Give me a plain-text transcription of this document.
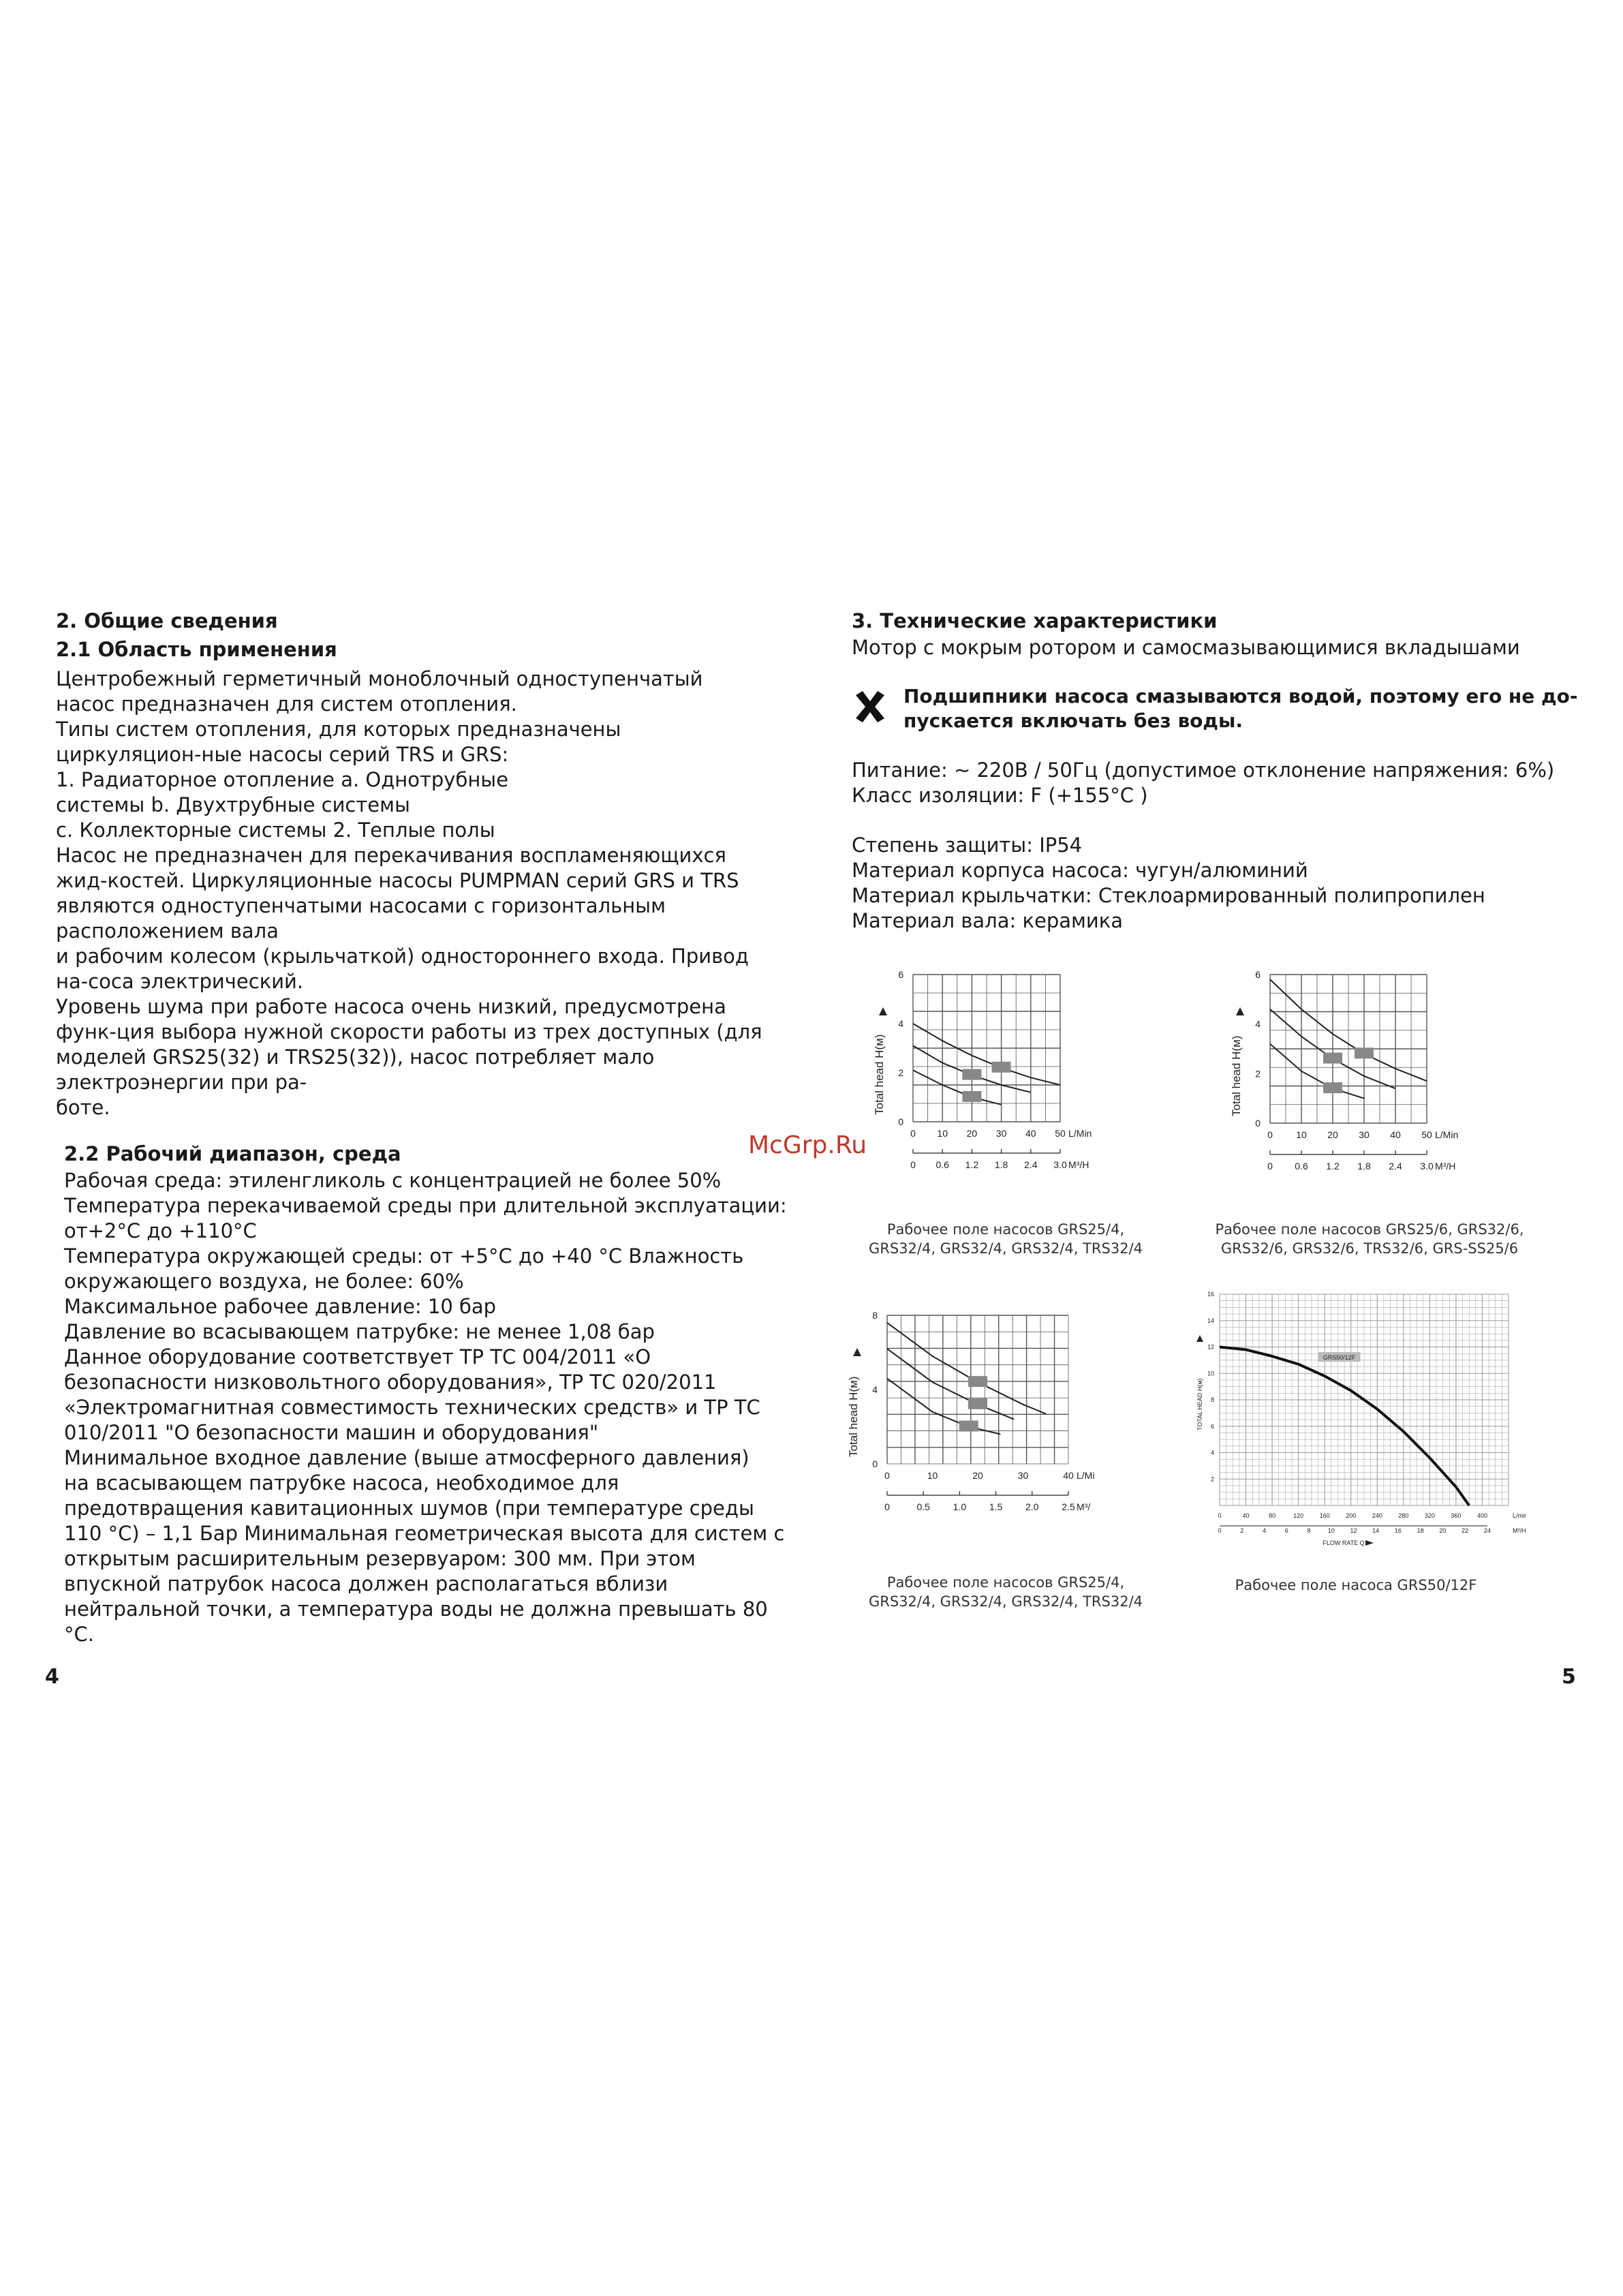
2. Общие сведения
2.1 Область применения
Центробежный герметичный моноблочный одноступенчатый
насос предназначен для систем отопления.
Типы систем отопления, для которых предназначены
циркуляцион-ные насосы серий TRS и GRS:
1. Радиаторное отопление a. Однотрубные
системы b. Двухтрубные системы
c. Коллекторные системы 2. Теплые полы
Насос не предназначен для перекачивания воспламеняющихся
жид-костей. Циркуляционные насосы PUMPMAN серий GRS и TRS
являются одноступенчатыми насосами с горизонтальным
расположением вала
и рабочим колесом (крыльчаткой) одностороннего входа. Привод
на-соса электрический.
Уровень шума при работе насоса очень низкий, предусмотрена
функ-ция выбора нужной скорости работы из трех доступных (для
моделей GRS25(32) и TRS25(32)), насос потребляет мало
электроэнергии при ра-
боте.
2.2 Рабочий диапазон, среда
Рабочая среда: этиленгликоль с концентрацией не более 50%
Температура перекачиваемой среды при длительной эксплуатации:
от+2°C до +110°C
Температура окружающей среды: от +5°С до +40 °С Влажность
окружающего воздуха, не более: 60%
Максимальное рабочее давление: 10 бар
Давление во всасывающем патрубке: не менее 1,08 бар
Данное оборудование соответствует ТР ТС 004/2011 «О
безопасности низковольтного оборудования», ТР ТС 020/2011
«Электромагнитная совместимость технических средств» и ТР ТС
010/2011 "О безопасности машин и оборудования"
Минимальное входное давление (выше атмосферного давления)
на всасывающем патрубке насоса, необходимое для
предотвращения кавитационных шумов (при температуре среды
110 °C) – 1,1 Бар Минимальная геометрическая высота для систем с
открытым расширительным резервуаром: 300 мм. При этом
впускной патрубок насоса должен располагаться вблизи
нейтральной точки, а температура воды не должна превышать 80
°C.
4
McGrp.Ru
3. Технические характеристики
Мотор с мокрым ротором и самосмазывающимися вкладышами
Подшипники насоса смазываются водой, поэтому его не до-
пускается включать без воды.
Питание: ~ 220В / 50Гц (допустимое отклонение напряжения: 6%)
Класс изоляции: F (+155°С )
Степень защиты: IP54
Материал корпуса насоса: чугун/алюминий
Материал крыльчатки: Стеклоармированный полипропилен
Материал вала: керамика
0
2
4
6
0 10 20 30 40 50 L/Min
0 0.6 1.2 1.8 2.4 3.0 M³/H
Total head H(м)
Рабочее поле насосов GRS25/4,
GRS32/4, GRS32/4, GRS32/4, TRS32/4
0
2
4
6
0 10 20 30 40 50 L/Min
0 0.6 1.2 1.8 2.4 3.0 M³/H
Total head H(м)
Рабочее поле насосов GRS25/6, GRS32/6,
GRS32/6, GRS32/6, TRS32/6, GRS-SS25/6
0
4
8
0	10	20	30	40 L/Mi
0	0.5 1.0 1.5 2.0 2.5 M³/
Total head H(м)
Рабочее поле насосов GRS25/4,
GRS32/4, GRS32/4, GRS32/4, TRS32/4
GRS50/12F
2
4
6
8
10
12
14
16
0	40	80	120	160	200	240	280	320	360	400	L/min
0	2	4	6	8	10	12	14	16	18	20	22	24	M³/H
FLOW RATE Q
TOTAL HEAD H(м)
Рабочее поле насоса GRS50/12F
5
